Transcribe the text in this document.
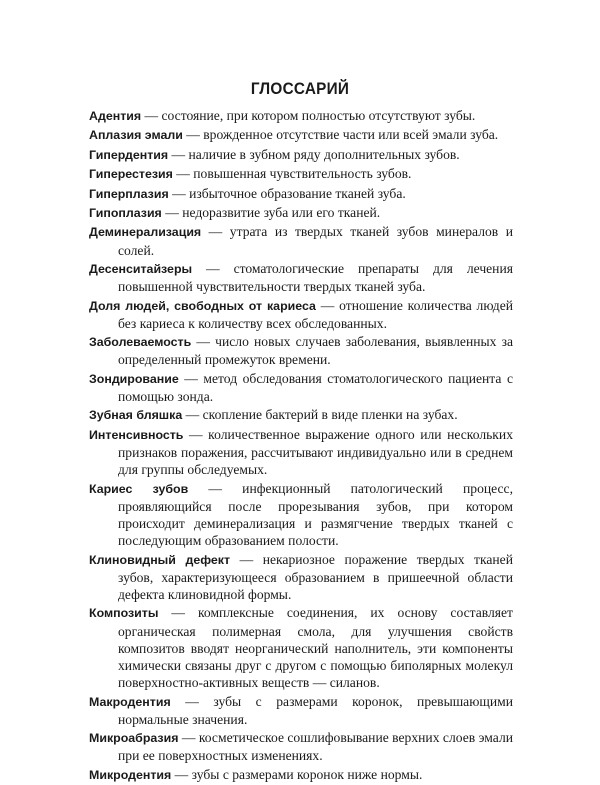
ГЛОССАРИЙ

Адентия — состояние, при котором полностью отсутствуют зубы.

Аплазия эмали — врожденное отсутствие части или всей эмали зуба.

Гипердентия — наличие в зубном ряду дополнительных зубов.

Гиперестезия — повышенная чувствительность зубов.

Гиперплазия — избыточное образование тканей зуба.

Гипоплазия — недоразвитие зуба или его тканей.

Деминерализация — утрата из твердых тканей зубов минералов и солей.

Десенситайзеры — стоматологические препараты для лечения повышенной чувствительности твердых тканей зуба.

Доля людей, свободных от кариеса — отношение количества людей без кариеса к количеству всех обследованных.

Заболеваемость — число новых случаев заболевания, выявленных за определенный промежуток времени.

Зондирование — метод обследования стоматологического пациента с помощью зонда.

Зубная бляшка — скопление бактерий в виде пленки на зубах.

Интенсивность — количественное выражение одного или нескольких признаков поражения, рассчитывают индивидуально или в среднем для группы обследуемых.

Кариес зубов — инфекционный патологический процесс, проявляющийся после прорезывания зубов, при котором происходит деминерализация и размягчение твердых тканей с последующим образованием полости.

Клиновидный дефект — некариозное поражение твердых тканей зубов, характеризующееся образованием в пришеечной области дефекта клиновидной формы.

Композиты — комплексные соединения, их основу составляет органическая полимерная смола, для улучшения свойств композитов вводят неорганический наполнитель, эти компоненты химически связаны друг с другом с помощью биполярных молекул поверхностно-активных веществ — силанов.

Макродентия — зубы с размерами коронок, превышающими нормальные значения.

Микроабразия — косметическое сошлифовывание верхних слоев эмали при ее поверхностных изменениях.

Микродентия — зубы с размерами коронок ниже нормы.
